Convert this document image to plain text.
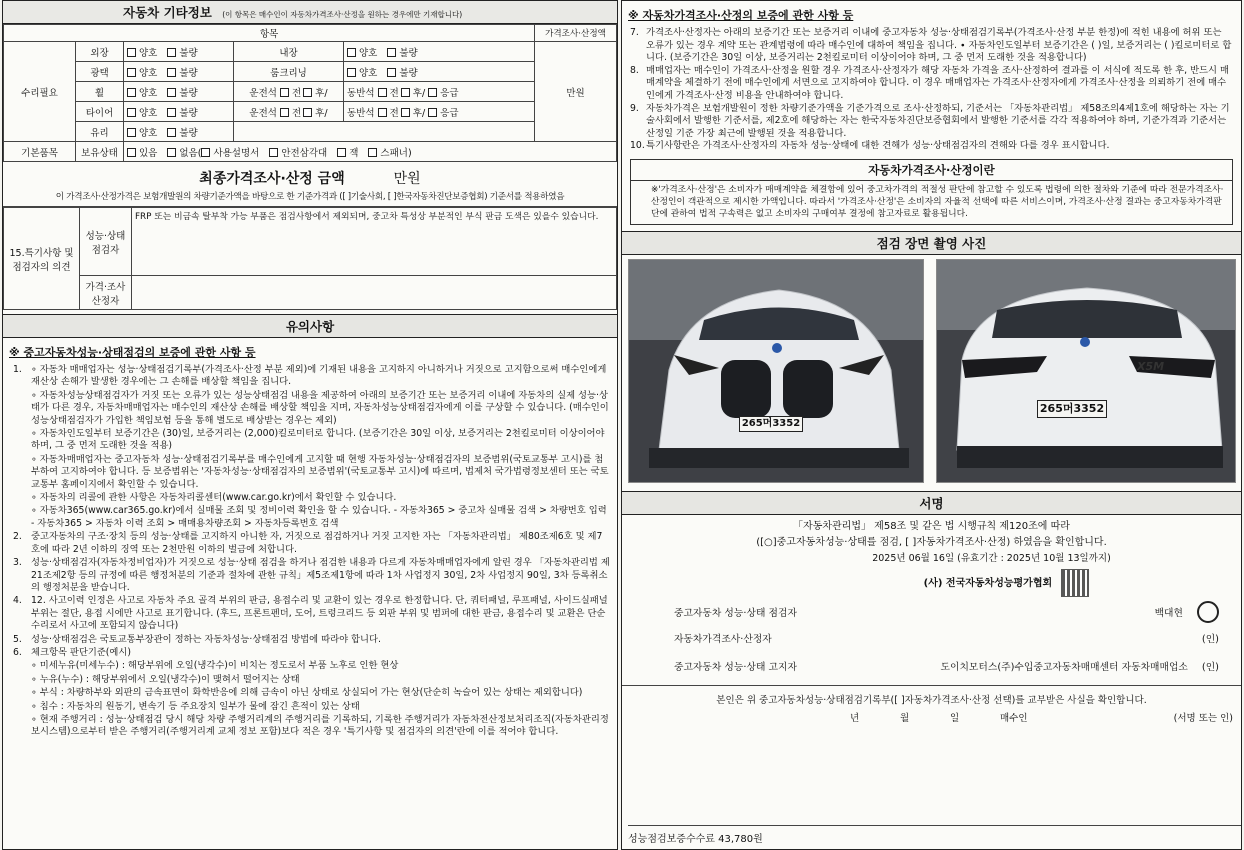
자동차 기타정보 (이 항목은 매수인이 자동차가격조사·산정을 원하는 경우에만 기재합니다)
항목					가격조사·산정액
수리필요	외장	양호 불량	내장	양호 불량	만원
	광택	양호 불량	룸크리닝	양호 불량	
	휠	양호 불량	운전석 전 후/	동반석 전 후/ 응급	
	타이어	양호 불량	운전석 전 후/	동반석 전 후/ 응급	
	유리	양호 불량			
기본품목	보유상태	있음 없음( 사용설명서 안전삼각대 잭 스패너)			
최종가격조사·산정 금액	만원
이 가격조사·산정가격은 보험개발원의 차량기준가액을 바탕으로 한 기준가격과 ([ ]기술사회, [ ]한국자동차진단보증협회) 기준서를 적용하였음
15.특기사항 및 점검자의 의견	성능·상태 점검자	FRP 또는 비금속 탈부착 가능 부품은 점검사항에서 제외되며, 중고차 특성상 부분적인 부식 판금 도색은 있을수 있습니다.
	가격·조사 산정자	
유의사항
※ 중고자동차성능·상태점검의 보증에 관한 사항 등
1. ∘ 자동차 매매업자는 성능·상태점검기록부(가격조사·산정 부분 제외)에 기재된 내용을 고지하지 아니하거나 거짓으로 고지함으로써 매수인에게 재산상 손해가 발생한 경우에는 그 손해를 배상할 책임을 집니다.
∘ 자동차성능상태점검자가 거짓 또는 오류가 있는 성능상태점검 내용을 제공하여 아래의 보증기간 또는 보증거리 이내에 자동차의 실제 성능·상태가 다른 경우, 자동차매매업자는 매수인의 재산상 손해를 배상할 책임을 지며, 자동차성능상태점검자에게 이를 구상할 수 있습니다. (매수인이 성능상태점검자가 가입한 책임보험 등을 통해 별도로 배상받는 경우는 제외)
∘ 자동차인도일부터 보증기간은 (30)일, 보증거리는 (2,000)킬로미터로 합니다. (보증기간은 30일 이상, 보증거리는 2천킬로미터 이상이어야 하며, 그 중 먼저 도래한 것을 적용)
∘ 자동차매매업자는 중고자동차 성능·상태점검기록부를 매수인에게 고지할 때 현행 자동차성능·상태점검자의 보증범위(국토교통부 고시)를 첨부하여 고지하여야 합니다. 등 보증범위는 '자동차성능·상태점검자의 보증범위'(국토교통부 고시)에 따르며, 법제처 국가법령정보센터 또는 국토교통부 홈페이지에서 확인할 수 있습니다.
∘ 자동차의 리콜에 관한 사항은 자동차리콜센터(www.car.go.kr)에서 확인할 수 있습니다.
∘ 자동차365(www.car365.go.kr)에서 실매물 조회 및 정비이력 확인을 할 수 있습니다. - 자동차365 > 중고차 실매물 검색 > 차량번호 입력 - 자동차365 > 자동차 이력 조회 > 매매용차량조회 > 자동차등록번호 검색
2. 중고자동차의 구조·장치 등의 성능·상태를 고지하지 아니한 자, 거짓으로 점검하거나 거짓 고지한 자는 「자동차관리법」 제80조제6호 및 제7호에 따라 2년 이하의 징역 또는 2천만원 이하의 벌금에 처합니다.
3. 성능·상태점검자(자동차정비업자)가 거짓으로 성능·상태 점검을 하거나 점검한 내용과 다르게 자동차매매업자에게 알린 경우 「자동차관리법 제21조제2항 등의 규정에 따른 행정처분의 기준과 절차에 관한 규칙」제5조제1항에 따라 1차 사업정지 30일, 2차 사업정지 90일, 3차 등록취소의 행정처분을 받습니다.
4. 12. 사고이력 인정은 사고로 자동차 주요 골격 부위의 판금, 용접수리 및 교환이 있는 경우로 한정합니다. 단, 쿼터패널, 루프패널, 사이드실패널 부위는 절단, 용접 시에만 사고로 표기합니다. (후드, 프론트펜더, 도어, 트렁크리드 등 외판 부위 및 범퍼에 대한 판금, 용접수리 및 교환은 단순수리로서 사고에 포함되지 않습니다)
5. 성능·상태점검은 국토교통부장관이 정하는 자동차성능·상태점검 방법에 따라야 합니다.
6. 체크항목 판단기준(예시)
∘ 미세누유(미세누수) : 해당부위에 오일(냉각수)이 비치는 정도로서 부품 노후로 인한 현상
∘ 누유(누수) : 해당부위에서 오일(냉각수)이 맺혀서 떨어지는 상태
∘ 부식 : 차량하부와 외판의 금속표면이 화학반응에 의해 금속이 아닌 상태로 상실되어 가는 현상(단순히 녹슬어 있는 상태는 제외합니다)
∘ 침수 : 자동차의 원동기, 변속기 등 주요장치 일부가 물에 잠긴 흔적이 있는 상태
∘ 현재 주행거리 : 성능·상태점검 당시 해당 차량 주행거리계의 주행거리를 기록하되, 기록한 주행거리가 자동차전산정보처리조직(자동차관리정보시스템)으로부터 받은 주행거리(주행거리계 교체 정보 포함)보다 적은 경우 '특기사항 및 점검자의 의견'란에 이를 적어야 합니다.
※ 자동차가격조사·산정의 보증에 관한 사항 등
7. 가격조사·산정자는 아래의 보증기간 또는 보증거리 이내에 중고자동차 성능·상태점검기록부(가격조사·산정 부분 한정)에 적힌 내용에 허위 또는 오류가 있는 경우 계약 또는 관계법령에 따라 매수인에 대하여 책임을 집니다. ∙ 자동차인도일부터 보증기간은 ( )일, 보증거리는 ( )킬로미터로 합니다. (보증기간은 30일 이상, 보증거리는 2천킬로미터 이상이어야 하며, 그 중 먼저 도래한 것을 적용합니다)
8. 매매업자는 매수인이 가격조사·산정을 원할 경우 가격조사·산정자가 해당 자동차 가격을 조사·산정하여 결과를 이 서식에 적도록 한 후, 반드시 매매계약을 체결하기 전에 매수인에게 서면으로 고지하여야 합니다. 이 경우 매매업자는 가격조사·산정자에게 가격조사·산정을 의뢰하기 전에 매수인에게 가격조사·산정 비용을 안내하여야 합니다.
9. 자동차가격은 보험개발원이 정한 차량기준가액을 기준가격으로 조사·산정하되, 기준서는 「자동차관리법」 제58조의4제1호에 해당하는 자는 기술사회에서 발행한 기준서를, 제2호에 해당하는 자는 한국자동차진단보증협회에서 발행한 기준서를 각각 적용하여야 하며, 기준가격과 기준서는 산정일 기준 가장 최근에 발행된 것을 적용합니다.
10. 특기사항란은 가격조사·산정자의 자동차 성능·상태에 대한 견해가 성능·상태점검자의 견해와 다를 경우 표시합니다.
자동차가격조사·산정이란
※'가격조사·산정'은 소비자가 매매계약을 체결함에 있어 중고차가격의 적절성 판단에 참고할 수 있도록 법령에 의한 절차와 기준에 따라 전문가격조사·산정인이 객관적으로 제시한 가액입니다. 따라서 '가격조사·산정'은 소비자의 자율적 선택에 따른 서비스이며, 가격조사·산정 결과는 중고자동차가격판단에 관하여 법적 구속력은 없고 소비자의 구매여부 결정에 참고자료로 활용됩니다.
점검 장면 촬영 사진
265머3352
X5M
265머3352
서명
「자동차관리법」 제58조 및 같은 법 시행규칙 제120조에 따라
([○]중고자동차성능·상태를 점검, [ ]자동차가격조사·산정) 하였음을 확인합니다.
2025년 06월 16일 (유효기간 : 2025년 10월 13일까지)
(사) 전국자동차성능평가협회
중고자동차 성능·상태 점검자	백대현
자동차가격조사·산정자	(인)
중고자동차 성능·상태 고지자	도이치모터스(주)수입중고자동차매매센터 자동차매매업소 (인)
본인은 위 중고자동차성능·상태점검기록부([ ]자동차가격조사·산정 선택)를 교부받은 사실을 확인합니다.
년	월	일	매수인	(서명 또는 인)
성능점검보증수수료 43,780원
